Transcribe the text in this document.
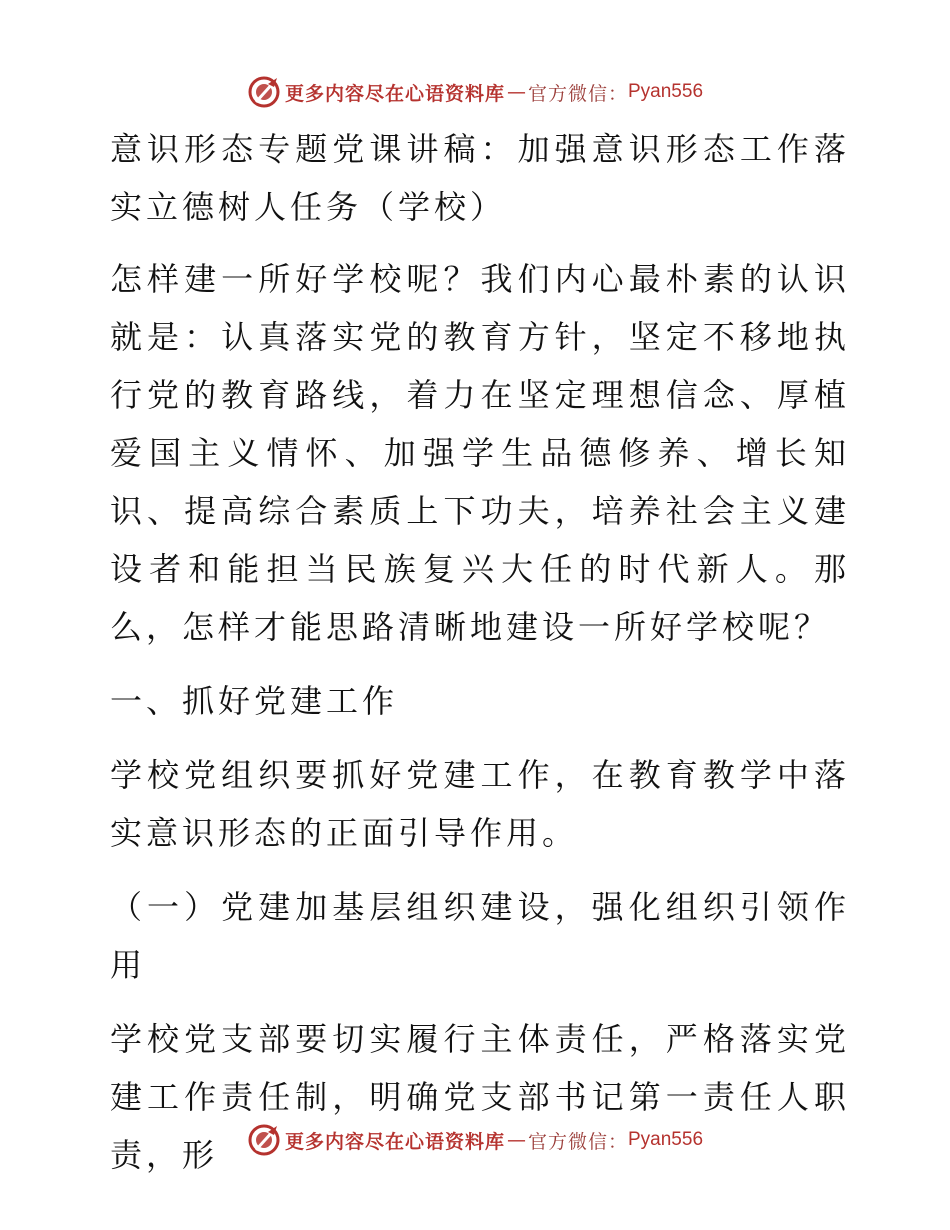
更多内容尽在心语资料库 — 官方微信： Pyan556

意识形态专题党课讲稿：加强意识形态工作落实立德树人任务（学校）

怎样建一所好学校呢？我们内心最朴素的认识就是：认真落实党的教育方针，坚定不移地执行党的教育路线，着力在坚定理想信念、厚植爱国主义情怀、加强学生品德修养、增长知识、提高综合素质上下功夫，培养社会主义建设者和能担当民族复兴大任的时代新人。那么，怎样才能思路清晰地建设一所好学校呢？

一、抓好党建工作

学校党组织要抓好党建工作，在教育教学中落实意识形态的正面引导作用。

（一）党建加基层组织建设，强化组织引领作用

学校党支部要切实履行主体责任，严格落实党建工作责任制，明确党支部书记第一责任人职责，形	更多内容尽在心语资料库 — 官方微信： Pyan556
